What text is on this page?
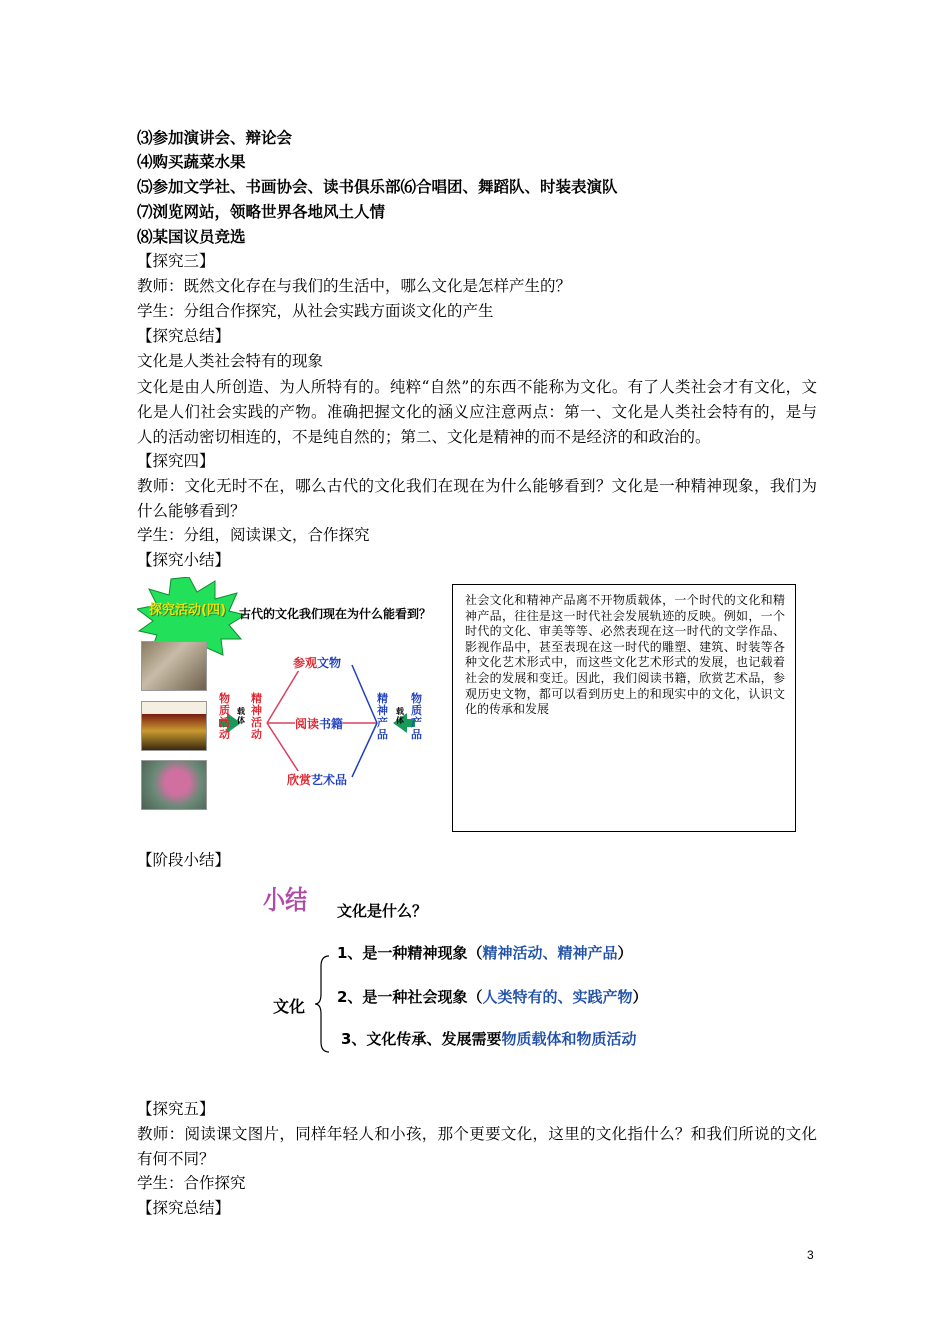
⑶参加演讲会、辩论会
⑷购买蔬菜水果
⑸参加文学社、书画协会、读书俱乐部⑹合唱团、舞蹈队、时装表演队
⑺浏览网站，领略世界各地风土人情
⑻某国议员竞选
【探究三】
教师：既然文化存在与我们的生活中，哪么文化是怎样产生的？
学生：分组合作探究，从社会实践方面谈文化的产生
【探究总结】
文化是人类社会特有的现象
文化是由人所创造、为人所特有的。纯粹“自然”的东西不能称为文化。有了人类社会才有文化，文化是人们社会实践的产物。准确把握文化的涵义应注意两点：第一、文化是人类社会特有的，是与人的活动密切相连的，不是纯自然的；第二、文化是精神的而不是经济的和政治的。
【探究四】
教师：文化无时不在，哪么古代的文化我们在现在为什么能够看到？文化是一种精神现象，我们为什么能够看到？
学生：分组，阅读课文，合作探究
【探究小结】
探究活动(四) 古代的文化我们现在为什么能看到？
物质活动
精神活动
载体
精神产品
物质产品
载体
参观文物
阅读书籍
欣赏艺术品
社会文化和精神产品离不开物质载体，一个时代的文化和精神产品，往往是这一时代社会发展轨迹的反映。例如，一个时代的文化、审美等等、必然表现在这一时代的文学作品、影视作品中，甚至表现在这一时代的雕塑、建筑、时装等各种文化艺术形式中，而这些文化艺术形式的发展，也记载着社会的发展和变迁。因此，我们阅读书籍，欣赏艺术品，参观历史文物，都可以看到历史上的和现实中的文化，认识文化的传承和发展
【阶段小结】
小结 文化是什么？
文化
1、是一种精神现象（精神活动、精神产品）
2、是一种社会现象（人类特有的、实践产物）
3、文化传承、发展需要物质载体和物质活动
【探究五】
教师：阅读课文图片，同样年轻人和小孩，那个更要文化，这里的文化指什么？和我们所说的文化有何不同？
学生：合作探究
【探究总结】
3
